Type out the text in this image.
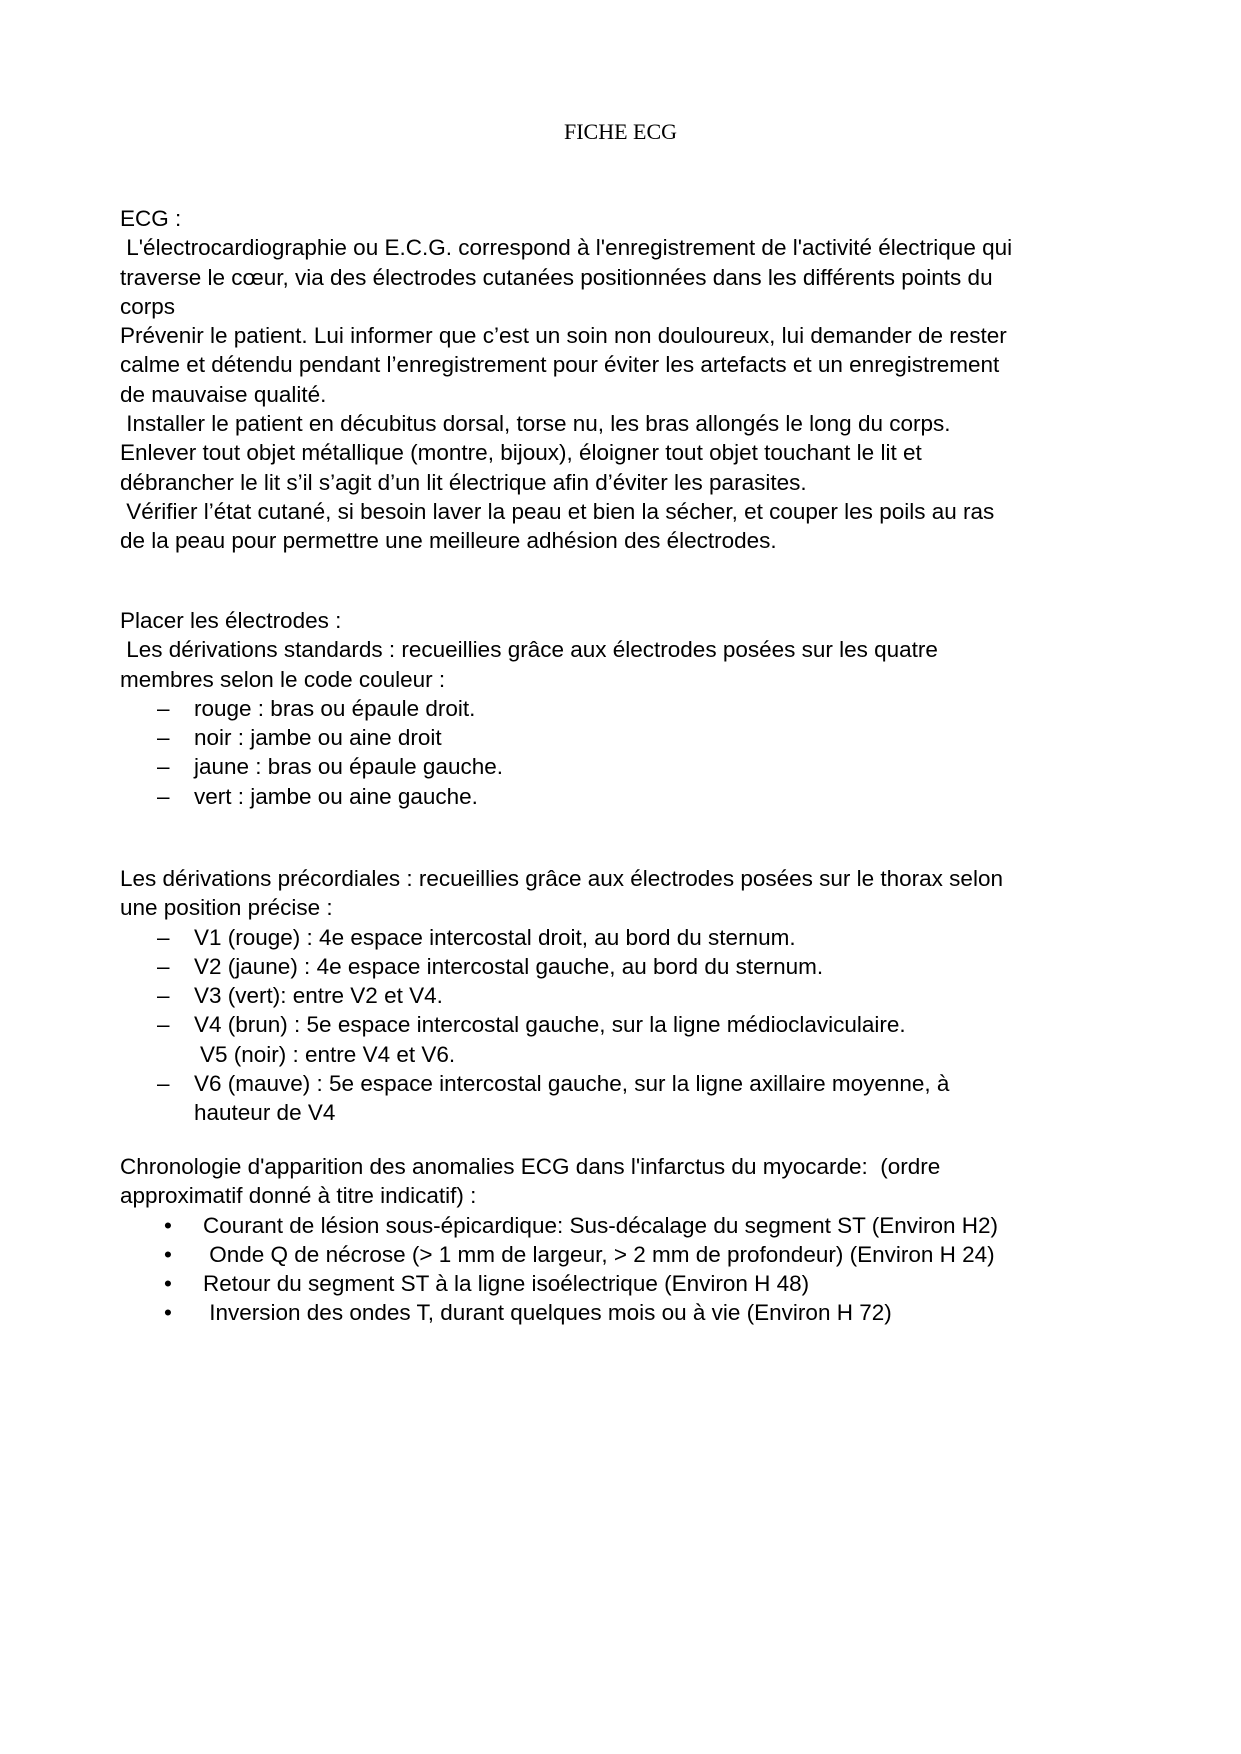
FICHE ECG
ECG :
L'électrocardiographie ou E.C.G. correspond à l'enregistrement de l'activité électrique qui
traverse le cœur, via des électrodes cutanées positionnées dans les différents points du
corps
Prévenir le patient. Lui informer que c’est un soin non douloureux, lui demander de rester
calme et détendu pendant l’enregistrement pour éviter les artefacts et un enregistrement
de mauvaise qualité.
Installer le patient en décubitus dorsal, torse nu, les bras allongés le long du corps.
Enlever tout objet métallique (montre, bijoux), éloigner tout objet touchant le lit et
débrancher le lit s’il s’agit d’un lit électrique afin d’éviter les parasites.
Vérifier l’état cutané, si besoin laver la peau et bien la sécher, et couper les poils au ras
de la peau pour permettre une meilleure adhésion des électrodes.
Placer les électrodes :
Les dérivations standards : recueillies grâce aux électrodes posées sur les quatre
membres selon le code couleur :
– rouge : bras ou épaule droit.
– noir : jambe ou aine droit
– jaune : bras ou épaule gauche.
– vert : jambe ou aine gauche.
Les dérivations précordiales : recueillies grâce aux électrodes posées sur le thorax selon
une position précise :
– V1 (rouge) : 4e espace intercostal droit, au bord du sternum.
– V2 (jaune) : 4e espace intercostal gauche, au bord du sternum.
– V3 (vert): entre V2 et V4.
– V4 (brun) : 5e espace intercostal gauche, sur la ligne médioclaviculaire.
V5 (noir) : entre V4 et V6.
– V6 (mauve) : 5e espace intercostal gauche, sur la ligne axillaire moyenne, à
hauteur de V4
Chronologie d'apparition des anomalies ECG dans l'infarctus du myocarde:  (ordre
approximatif donné à titre indicatif) :
• Courant de lésion sous-épicardique: Sus-décalage du segment ST (Environ H2)
• Onde Q de nécrose (> 1 mm de largeur, > 2 mm de profondeur) (Environ H 24)
• Retour du segment ST à la ligne isoélectrique (Environ H 48)
• Inversion des ondes T, durant quelques mois ou à vie (Environ H 72)
